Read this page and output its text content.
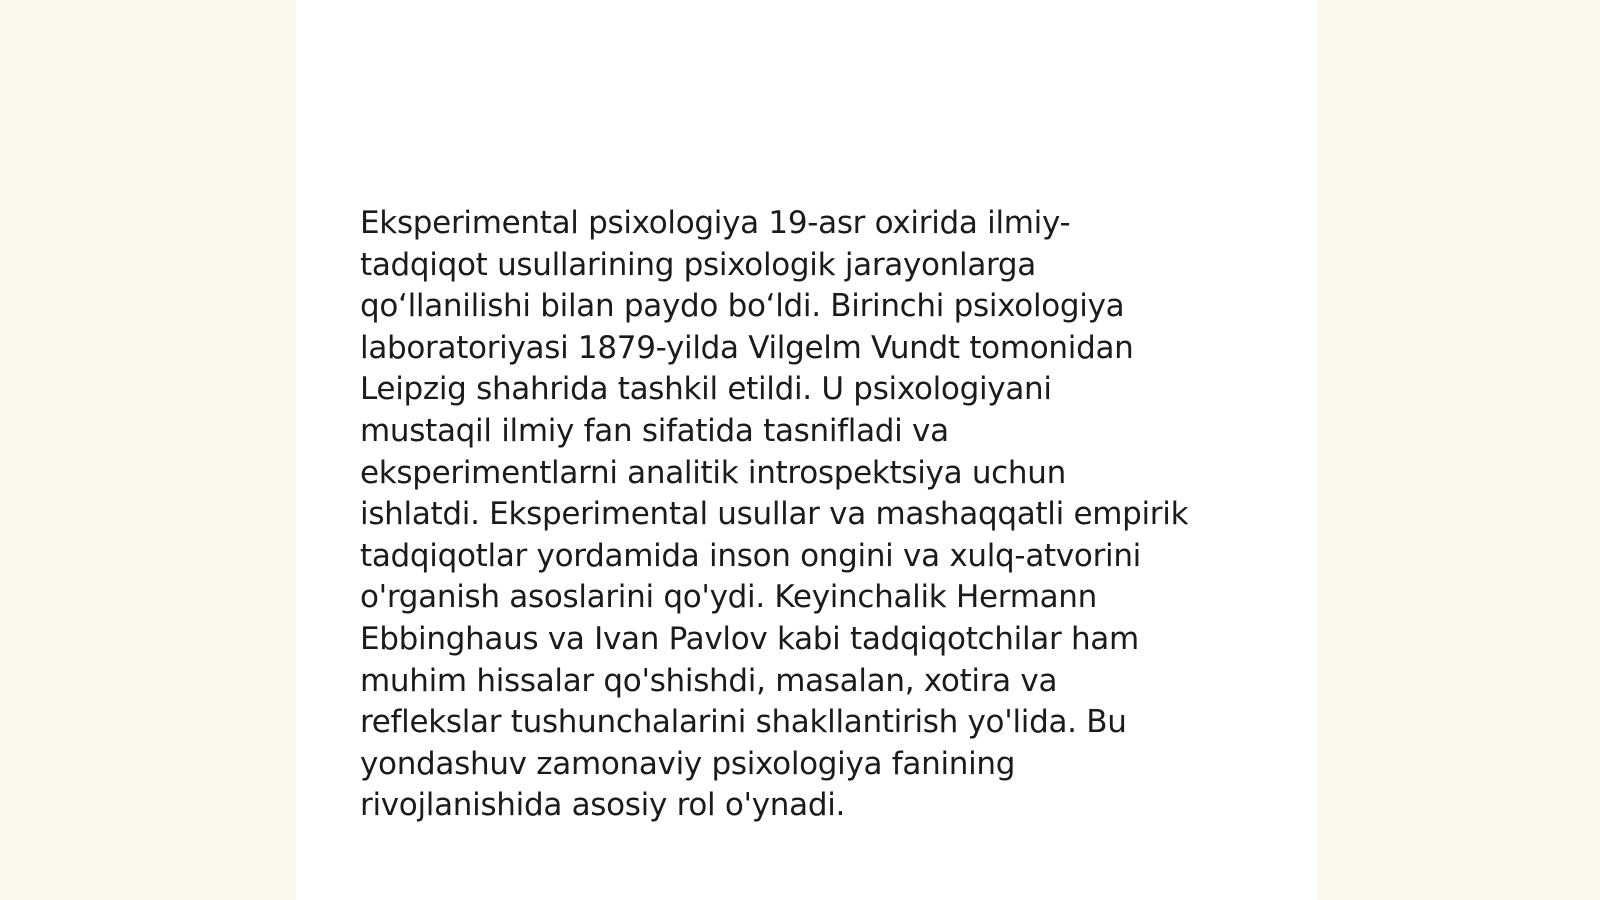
Eksperimental psixologiya 19-asr oxirida ilmiy-
tadqiqot usullarining psixologik jarayonlarga
qo‘llanilishi bilan paydo bo‘ldi. Birinchi psixologiya
laboratoriyasi 1879-yilda Vilgelm Vundt tomonidan
Leipzig shahrida tashkil etildi. U psixologiyani
mustaqil ilmiy fan sifatida tasnifladi va
eksperimentlarni analitik introspektsiya uchun
ishlatdi. Eksperimental usullar va mashaqqatli empirik
tadqiqotlar yordamida inson ongini va xulq-atvorini
o'rganish asoslarini qo'ydi. Keyinchalik Hermann
Ebbinghaus va Ivan Pavlov kabi tadqiqotchilar ham
muhim hissalar qo'shishdi, masalan, xotira va
reflekslar tushunchalarini shakllantirish yo'lida. Bu
yondashuv zamonaviy psixologiya fanining
rivojlanishida asosiy rol o'ynadi.
